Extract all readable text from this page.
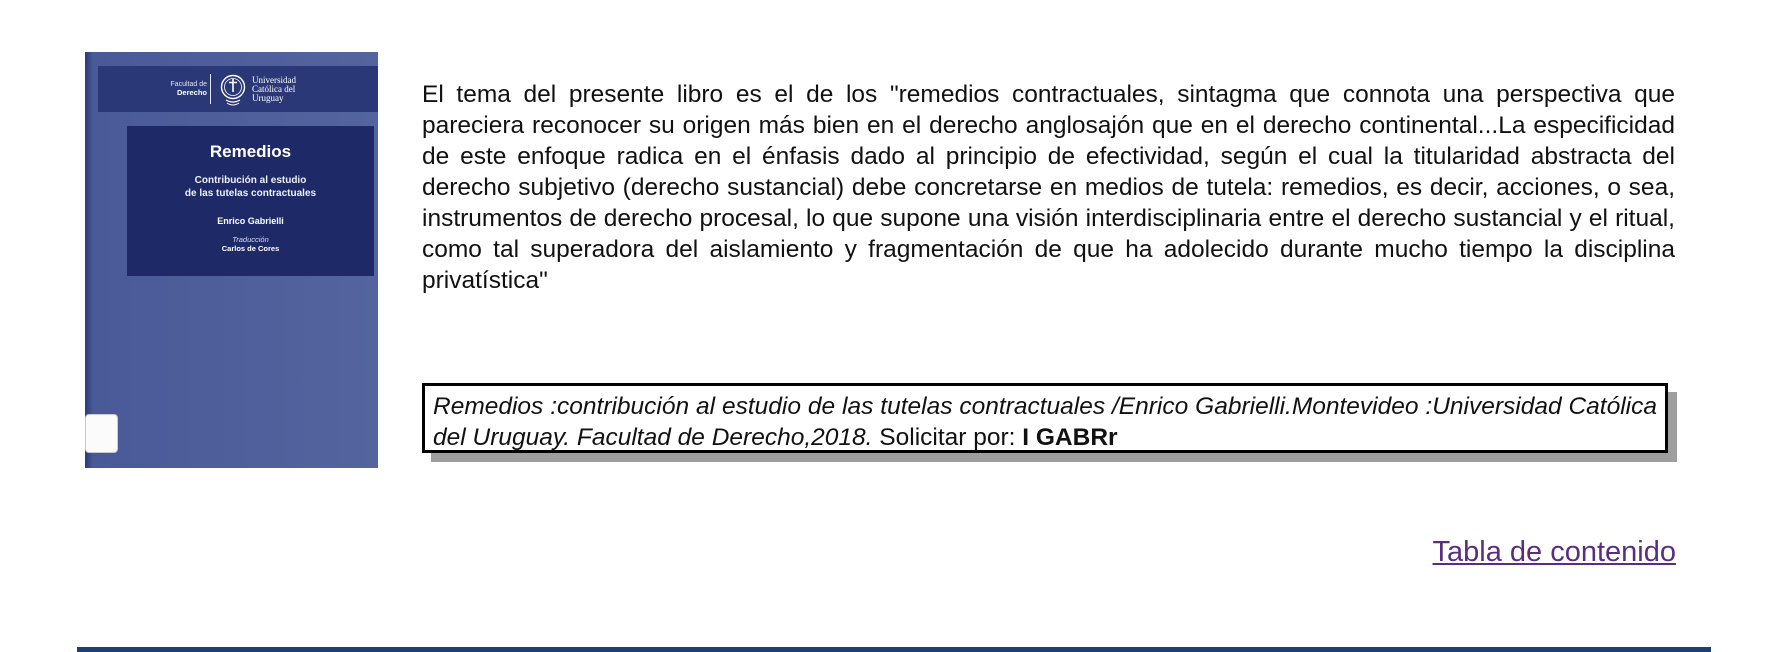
Facultad de
Derecho
Universidad
Católica del
Uruguay
Remedios
Contribución al estudio
de las tutelas contractuales
Enrico Gabrielli
Traducción
Carlos de Cores

El tema del presente libro es el de los "remedios contractuales, sintagma que connota una perspectiva que pareciera reconocer su origen más bien en el derecho anglosajón que en el derecho continental...La especificidad de este enfoque radica en el énfasis dado al principio de efectividad, según el cual la titularidad abstracta del derecho subjetivo (derecho sustancial) debe concretarse en medios de tutela: remedios, es decir, acciones, o sea, instrumentos de derecho procesal, lo que supone una visión interdisciplinaria entre el derecho sustancial y el ritual, como tal superadora del aislamiento y fragmentación de que ha adolecido durante mucho tiempo la disciplina privatística"

Remedios :contribución al estudio de las tutelas contractuales /Enrico Gabrielli.Montevideo :Universidad Católica del Uruguay. Facultad de Derecho,2018. Solicitar por: I GABRr
Tabla de contenido
